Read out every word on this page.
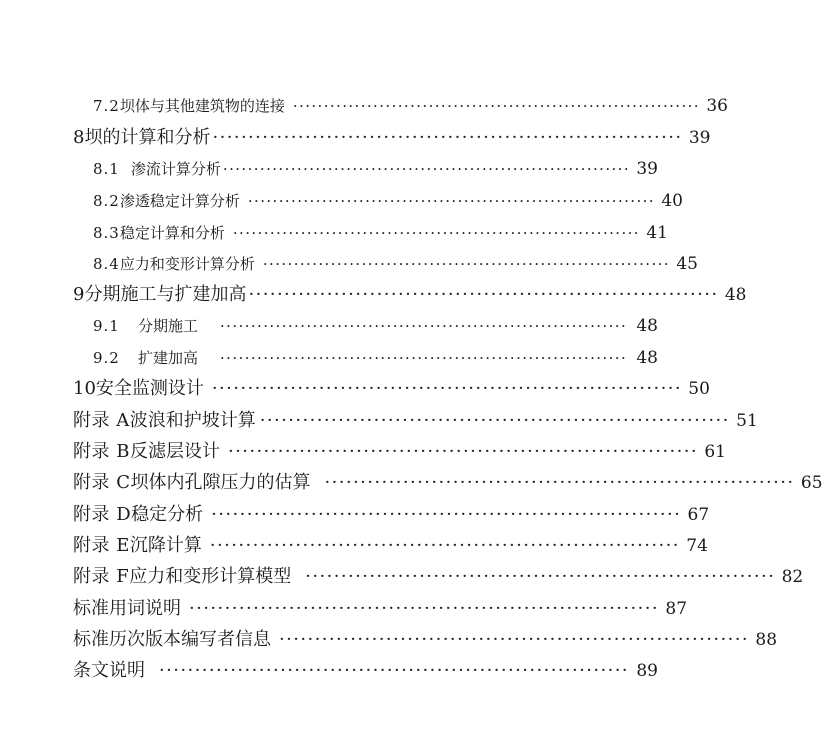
7.2 坝体与其他建筑物的连接 ·································································· 36
8 坝的计算和分析 ·································································· 39
8.1 渗流计算分析 ·································································· 39
8.2 渗透稳定计算分析 ·································································· 40
8.3 稳定计算和分析 ·································································· 41
8.4 应力和变形计算分析 ·································································· 45
9 分期施工与扩建加高 ·································································· 48
9.1	分期施工 ·································································· 48
9.2	扩建加高 ·································································· 48
10 安全监测设计 ·································································· 50
附录 A 波浪和护坡计算 ·································································· 51
附录 B 反滤层设计 ·································································· 61
附录 C 坝体内孔隙压力的估算 ·································································· 65
附录 D 稳定分析 ·································································· 67
附录 E 沉降计算 ·································································· 74
附录 F 应力和变形计算模型 ·································································· 82
标准用词说明 ·································································· 87
标准历次版本编写者信息 ·································································· 88
条文说明 ·································································· 89
